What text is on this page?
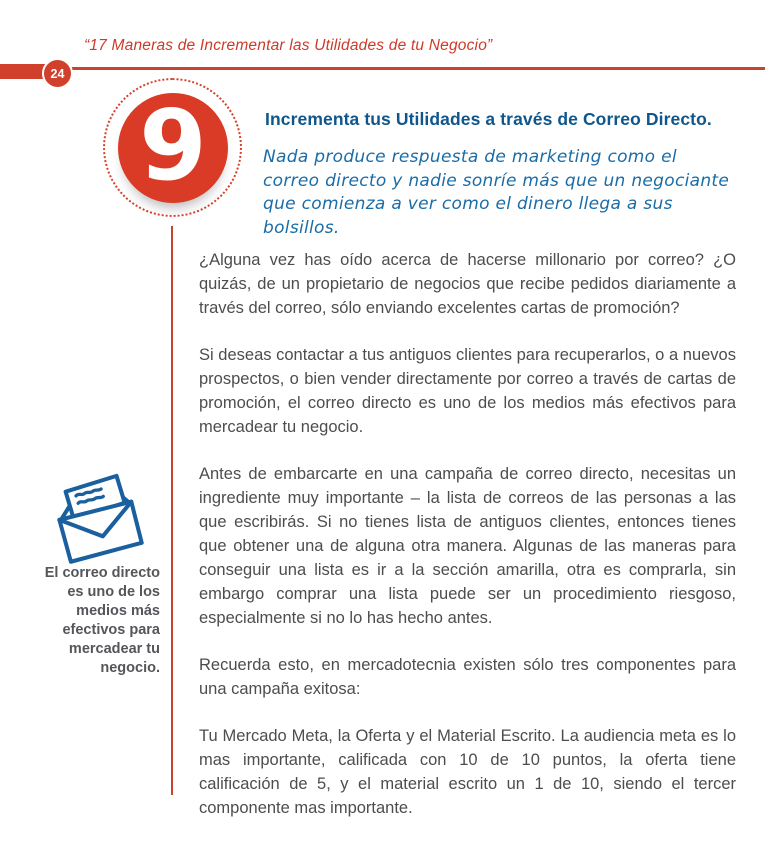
“17 Maneras de Incrementar las Utilidades de tu Negocio”
24
9	Incrementa tus Utilidades a través de Correo Directo.
Nada produce respuesta de marketing como el
correo directo y nadie sonríe más que un negociante
que comienza a ver como el dinero llega a sus bolsillos.
El correo directo es uno de los medios más efectivos para mercadear tu negocio.

¿Alguna vez has oído acerca de hacerse millonario por correo? ¿O quizás, de un propietario de negocios que recibe pedidos diariamente a través del correo, sólo enviando excelentes cartas de promoción?

Si deseas contactar a tus antiguos clientes para recuperarlos, o a nuevos prospectos, o bien vender directamente por correo a través de cartas de promoción, el correo directo es uno de los medios más efectivos para mercadear tu negocio.

Antes de embarcarte en una campaña de correo directo, necesitas un ingrediente muy importante – la lista de correos de las personas a las que escribirás. Si no tienes lista de antiguos clientes, entonces tienes que obtener una de alguna otra manera. Algunas de las maneras para conseguir una lista es ir a la sección amarilla, otra es comprarla, sin embargo comprar una lista puede ser un procedimiento riesgoso, especialmente si no lo has hecho antes.

Recuerda esto, en mercadotecnia existen sólo tres componentes para una campaña exitosa:

Tu Mercado Meta, la Oferta y el Material Escrito. La audiencia meta es lo mas importante, calificada con 10 de 10 puntos, la oferta tiene calificación de 5, y el material escrito un 1 de 10, siendo el tercer componente mas importante.
